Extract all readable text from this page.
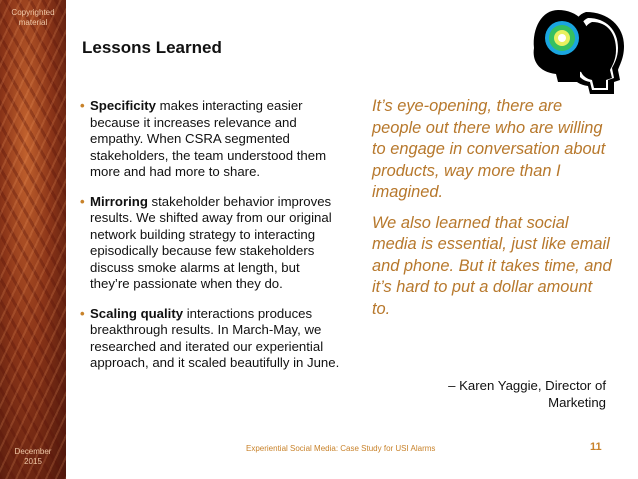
Copyrighted
material
December
2015
Lessons Learned
• Specificity makes interacting easier because it increases relevance and empathy. When CSRA segmented stakeholders, the team understood them more and had more to share.
• Mirroring stakeholder behavior improves results. We shifted away from our original network building strategy to interacting episodically because few stakeholders discuss smoke alarms at length, but they’re passionate when they do.
• Scaling quality interactions produces breakthrough results. In March-May, we researched and iterated our experiential approach, and it scaled beautifully in June.

It’s eye-opening, there are people out there who are willing to engage in conversation about products, way more than I imagined.

We also learned that social media is essential, just like email and phone. But it takes time, and it’s hard to put a dollar amount to.

– Karen Yaggie, Director of
Marketing
Experiential Social Media: Case Study for USI Alarms	11
